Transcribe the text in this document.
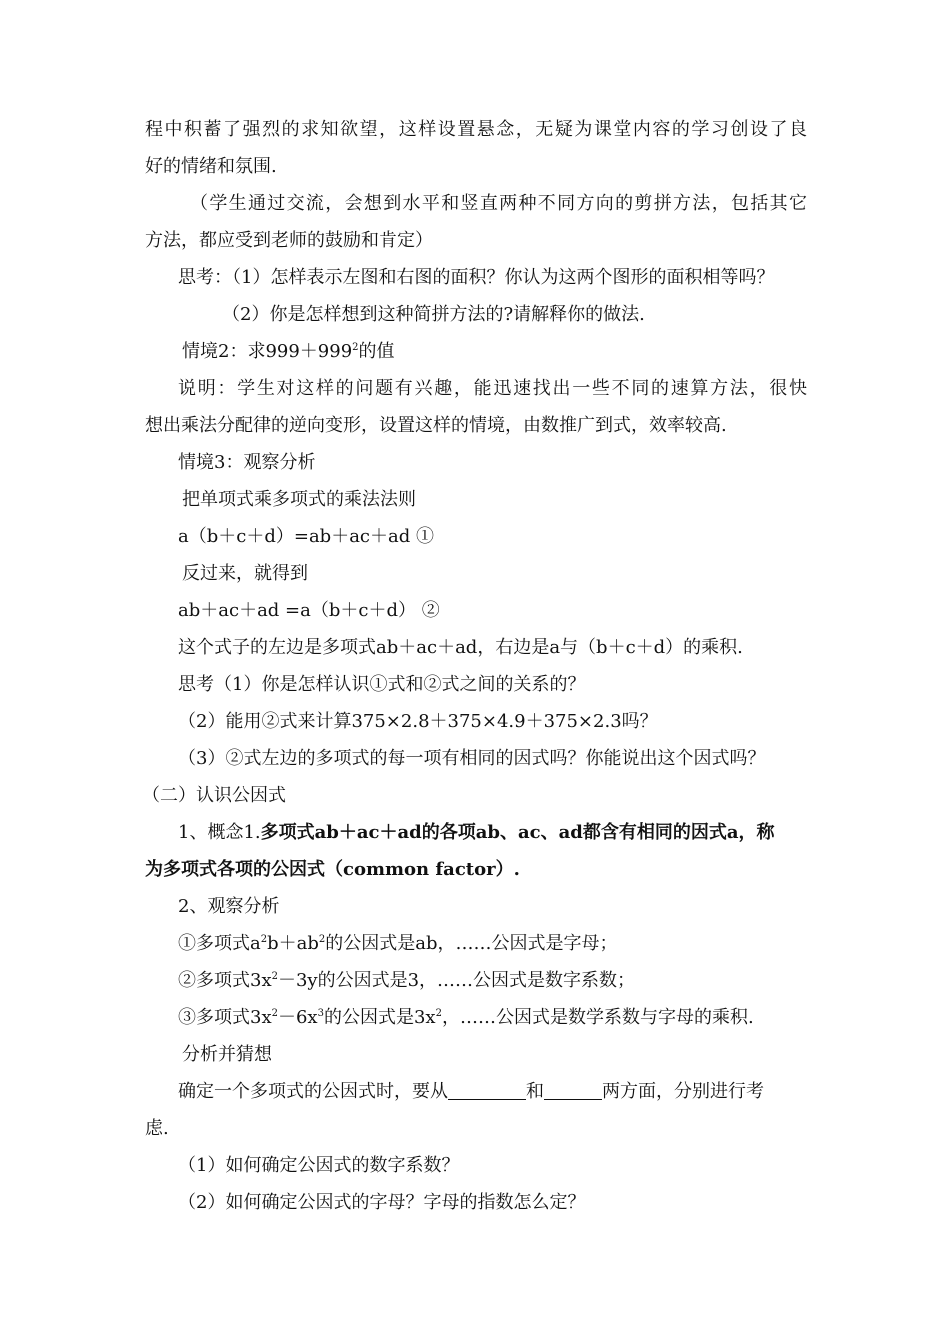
程中积蓄了强烈的求知欲望，这样设置悬念，无疑为课堂内容的学习创设了良
好的情绪和氛围.
（学生通过交流，会想到水平和竖直两种不同方向的剪拼方法，包括其它
方法，都应受到老师的鼓励和肯定）
思考：（1）怎样表示左图和右图的面积？你认为这两个图形的面积相等吗？
（2）你是怎样想到这种简拼方法的?请解释你的做法.
情境2：求$999+999^2$的值
说明：学生对这样的问题有兴趣，能迅速找出一些不同的速算方法，很快
想出乘法分配律的逆向变形，设置这样的情境，由数推广到式，效率较高.
情境3：观察分析
把单项式乘多项式的乘法法则
a（b＋c＋d）=ab＋ac＋ad ①
反过来，就得到
ab＋ac＋ad =a（b＋c＋d） ②
这个式子的左边是多项式ab＋ac＋ad，右边是a与（b＋c＋d）的乘积.
思考（1）你是怎样认识①式和②式之间的关系的？
（2）能用②式来计算375×2.8＋375×4.9＋375×2.3吗？
（3）②式左边的多项式的每一项有相同的因式吗？你能说出这个因式吗？
（二）认识公因式
1、概念1.多项式ab＋ac＋ad的各项ab、ac、ad都含有相同的因式a，称
为多项式各项的公因式（common factor）.
2、观察分析
①多项式$a^2b+ab^2$的公因式是ab，……公因式是字母；
②多项式$3x^2-3y$的公因式是3，……公因式是数字系数；
③多项式$3x^2-6x^3$的公因式是$3x^2$，……公因式是数学系数与字母的乘积.
分析并猜想
确定一个多项式的公因式时，要从	和	两方面，分别进行考
虑.
（1）如何确定公因式的数字系数？
（2）如何确定公因式的字母？字母的指数怎么定？
